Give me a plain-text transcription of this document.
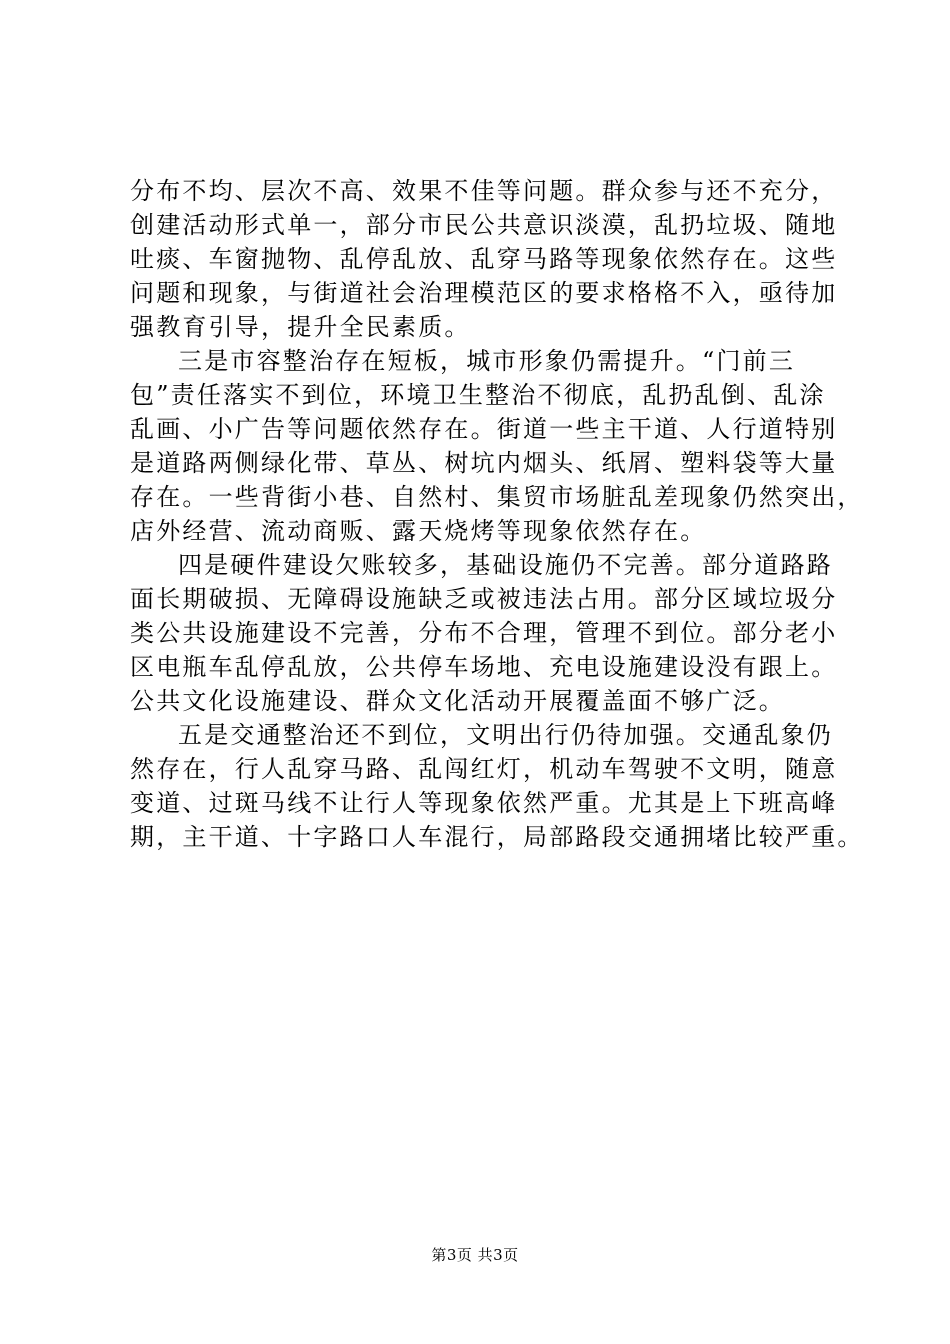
分布不均、层次不高、效果不佳等问题。群众参与还不充分，
创建活动形式单一，部分市民公共意识淡漠，乱扔垃圾、随地
吐痰、车窗抛物、乱停乱放、乱穿马路等现象依然存在。这些
问题和现象，与街道社会治理模范区的要求格格不入，亟待加
强教育引导，提升全民素质。
三是市容整治存在短板，城市形象仍需提升。“门前三
包”责任落实不到位，环境卫生整治不彻底，乱扔乱倒、乱涂
乱画、小广告等问题依然存在。街道一些主干道、人行道特别
是道路两侧绿化带、草丛、树坑内烟头、纸屑、塑料袋等大量
存在。一些背街小巷、自然村、集贸市场脏乱差现象仍然突出，
店外经营、流动商贩、露天烧烤等现象依然存在。
四是硬件建设欠账较多，基础设施仍不完善。部分道路路
面长期破损、无障碍设施缺乏或被违法占用。部分区域垃圾分
类公共设施建设不完善，分布不合理，管理不到位。部分老小
区电瓶车乱停乱放，公共停车场地、充电设施建设没有跟上。
公共文化设施建设、群众文化活动开展覆盖面不够广泛。
五是交通整治还不到位，文明出行仍待加强。交通乱象仍
然存在，行人乱穿马路、乱闯红灯，机动车驾驶不文明，随意
变道、过斑马线不让行人等现象依然严重。尤其是上下班高峰
期，主干道、十字路口人车混行，局部路段交通拥堵比较严重。
第3页 共3页
